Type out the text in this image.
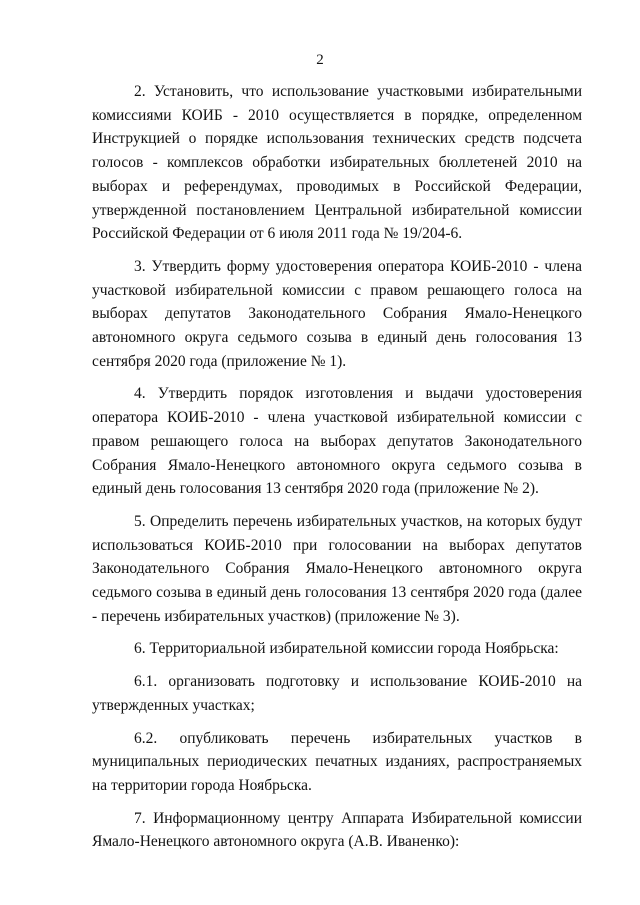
2

2. Установить, что использование участковыми избирательными комиссиями КОИБ - 2010 осуществляется в порядке, определенном Инструкцией о порядке использования технических средств подсчета голосов - комплексов обработки избирательных бюллетеней 2010 на выборах и референдумах, проводимых в Российской Федерации, утвержденной постановлением Центральной избирательной комиссии Российской Федерации от 6 июля 2011 года № 19/204-6.

3. Утвердить форму удостоверения оператора КОИБ-2010 - члена участковой избирательной комиссии с правом решающего голоса на выборах депутатов Законодательного Собрания Ямало-Ненецкого автономного округа седьмого созыва в единый день голосования 13 сентября 2020 года (приложение № 1).

4. Утвердить порядок изготовления и выдачи удостоверения оператора КОИБ-2010 - члена участковой избирательной комиссии с правом решающего голоса на выборах депутатов Законодательного Собрания Ямало-Ненецкого автономного округа седьмого созыва в единый день голосования 13 сентября 2020 года (приложение № 2).

5. Определить перечень избирательных участков, на которых будут использоваться КОИБ-2010 при голосовании на выборах депутатов Законодательного Собрания Ямало-Ненецкого автономного округа седьмого созыва в единый день голосования 13 сентября 2020 года (далее - перечень избирательных участков) (приложение № 3).

6. Территориальной избирательной комиссии города Ноябрьска:

6.1. организовать подготовку и использование КОИБ-2010 на утвержденных участках;

6.2. опубликовать перечень избирательных участков в муниципальных периодических печатных изданиях, распространяемых на территории города Ноябрьска.

7. Информационному центру Аппарата Избирательной комиссии Ямало-Ненецкого автономного округа (А.В. Иваненко):
